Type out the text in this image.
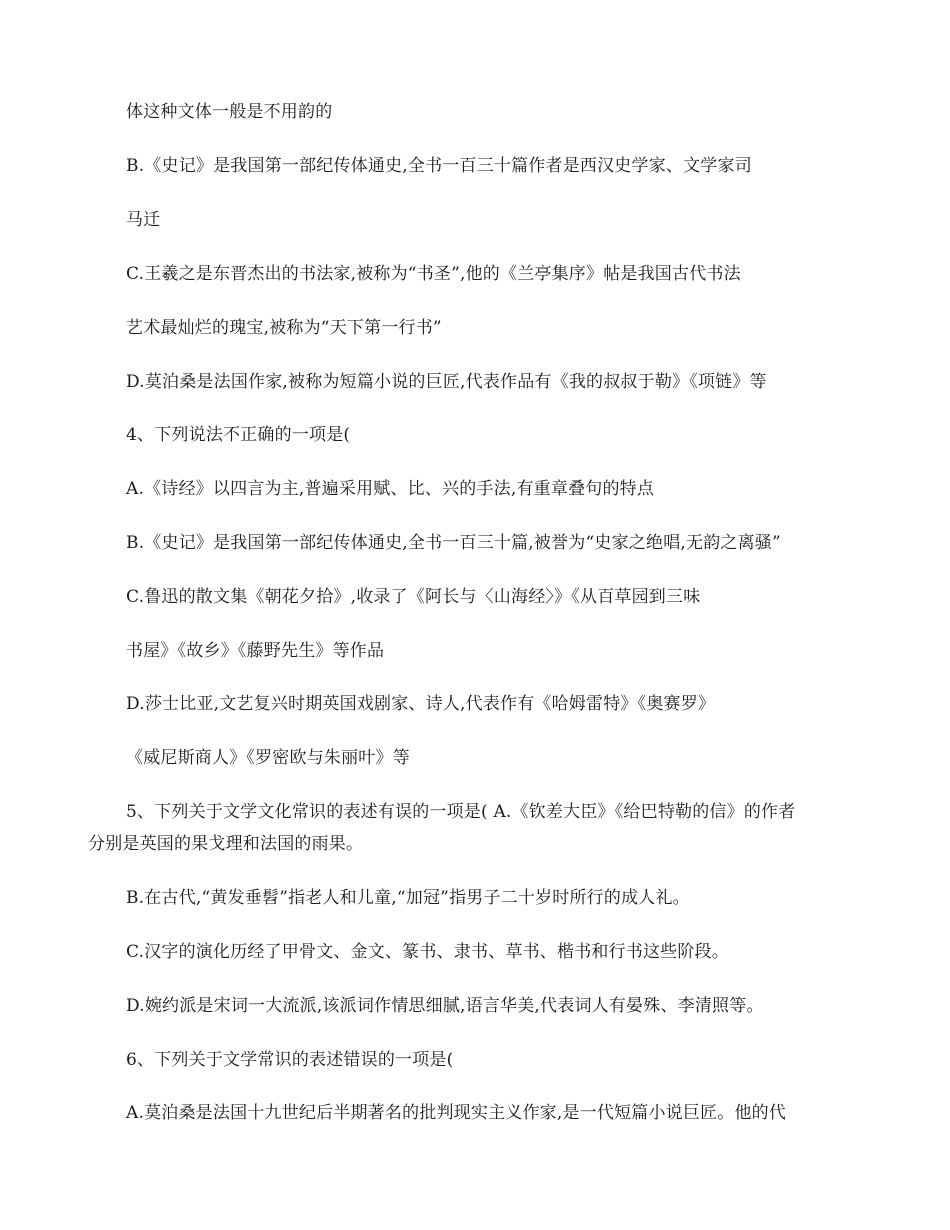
体这种文体一般是不用韵的
B.《史记》是我国第一部纪传体通史,全书一百三十篇作者是西汉史学家、文学家司
马迁
C.王羲之是东晋杰出的书法家,被称为“书圣”,他的《兰亭集序》帖是我国古代书法
艺术最灿烂的瑰宝,被称为“天下第一行书”
D.莫泊桑是法国作家,被称为短篇小说的巨匠,代表作品有《我的叔叔于勒》《项链》等
4、下列说法不正确的一项是(
A.《诗经》以四言为主,普遍采用赋、比、兴的手法,有重章叠句的特点
B.《史记》是我国第一部纪传体通史,全书一百三十篇,被誉为“史家之绝唱,无韵之离骚”
C.鲁迅的散文集《朝花夕拾》,收录了《阿长与〈山海经〉》《从百草园到三味
书屋》《故乡》《藤野先生》等作品
D.莎士比亚,文艺复兴时期英国戏剧家、诗人,代表作有《哈姆雷特》《奥赛罗》
《威尼斯商人》《罗密欧与朱丽叶》等
5、下列关于文学文化常识的表述有误的一项是( A.《钦差大臣》《给巴特勒的信》的作者
分别是英国的果戈理和法国的雨果。
B.在古代,“黄发垂髫”指老人和儿童,“加冠”指男子二十岁时所行的成人礼。
C.汉字的演化历经了甲骨文、金文、篆书、隶书、草书、楷书和行书这些阶段。
D.婉约派是宋词一大流派,该派词作情思细腻,语言华美,代表词人有晏殊、李清照等。
6、下列关于文学常识的表述错误的一项是(
A.莫泊桑是法国十九世纪后半期著名的批判现实主义作家,是一代短篇小说巨匠。他的代
